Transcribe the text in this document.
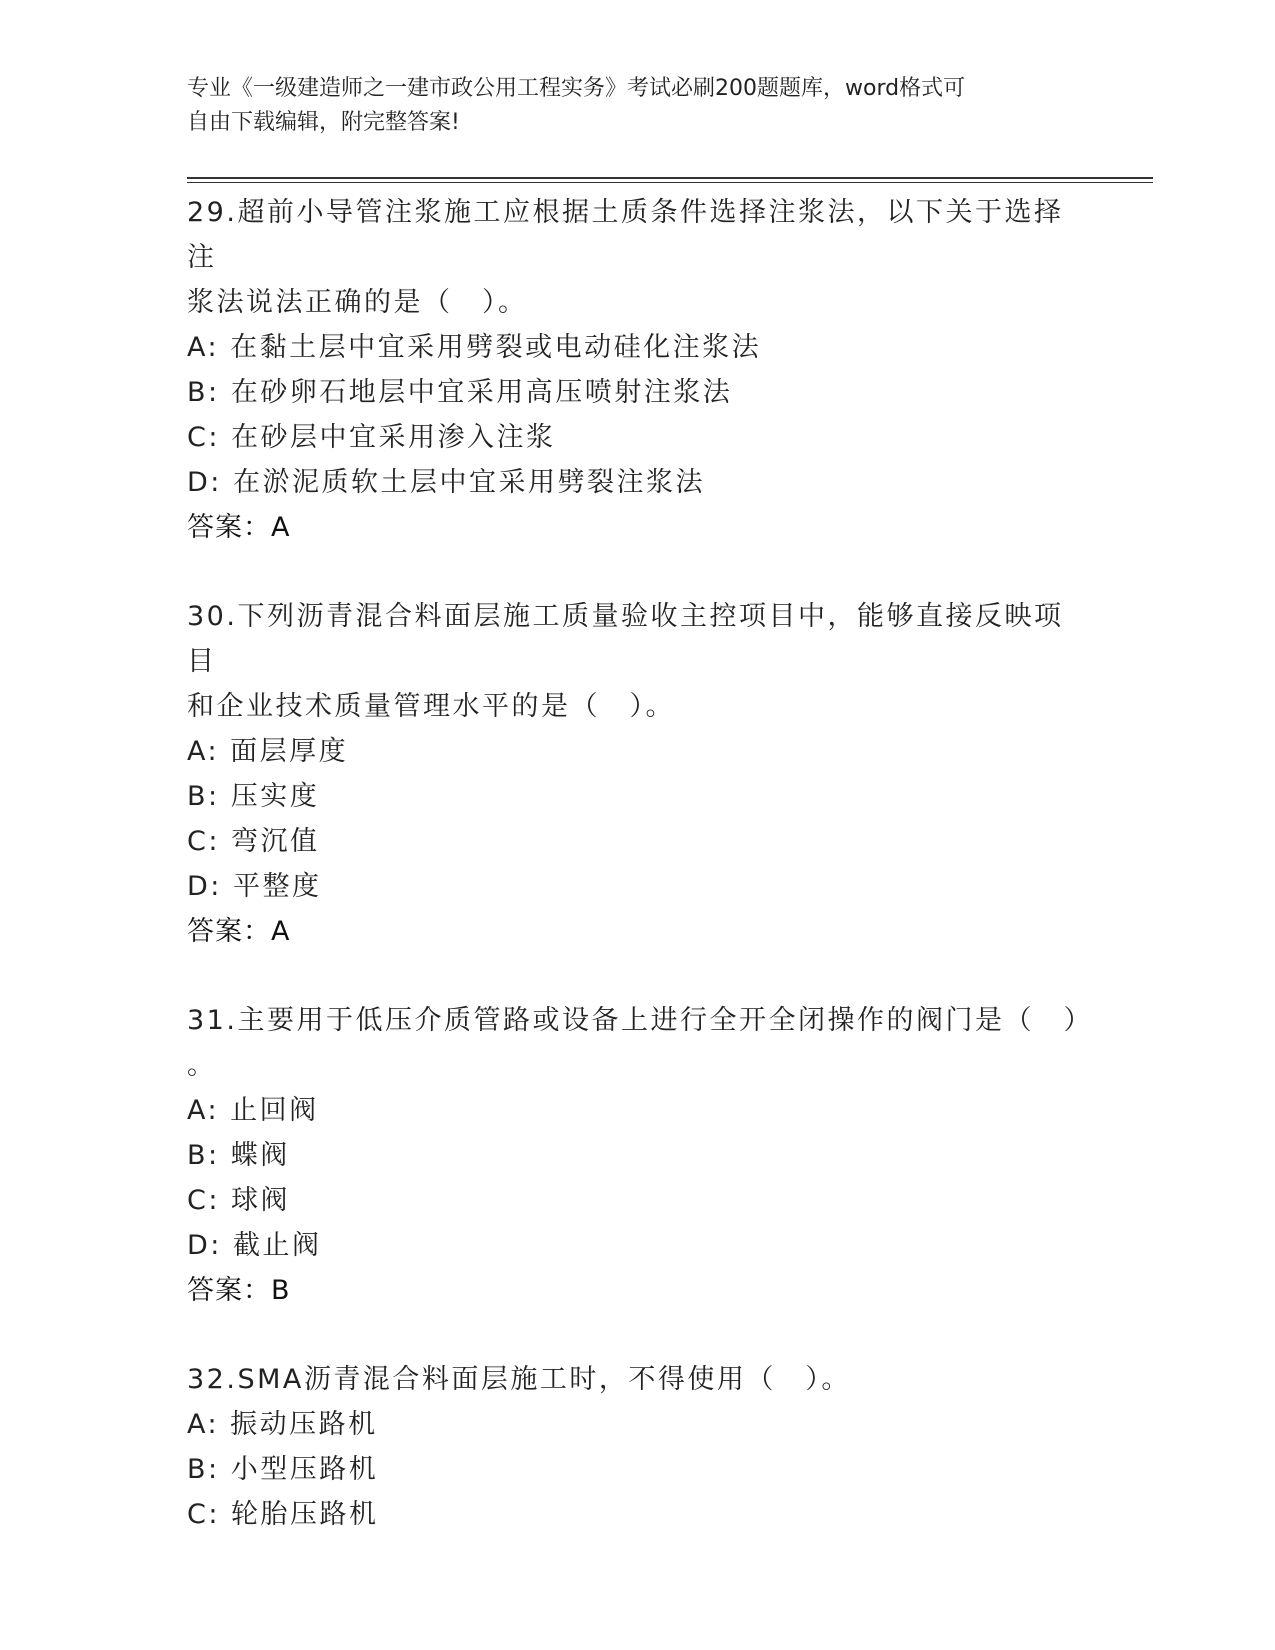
专业《一级建造师之一建市政公用工程实务》考试必刷200题题库，word格式可
自由下载编辑，附完整答案!

29.超前小导管注浆施工应根据土质条件选择注浆法，以下关于选择注

浆法说法正确的是（　）。

A: 在黏土层中宜采用劈裂或电动硅化注浆法

B: 在砂卵石地层中宜采用高压喷射注浆法

C: 在砂层中宜采用渗入注浆

D: 在淤泥质软土层中宜采用劈裂注浆法

答案：A

30.下列沥青混合料面层施工质量验收主控项目中，能够直接反映项目

和企业技术质量管理水平的是（　）。

A: 面层厚度

B: 压实度

C: 弯沉值

D: 平整度

答案：A

31.主要用于低压介质管路或设备上进行全开全闭操作的阀门是（　）

。

A: 止回阀

B: 蝶阀

C: 球阀

D: 截止阀

答案：B

32.SMA沥青混合料面层施工时，不得使用（　）。

A: 振动压路机

B: 小型压路机

C: 轮胎压路机
